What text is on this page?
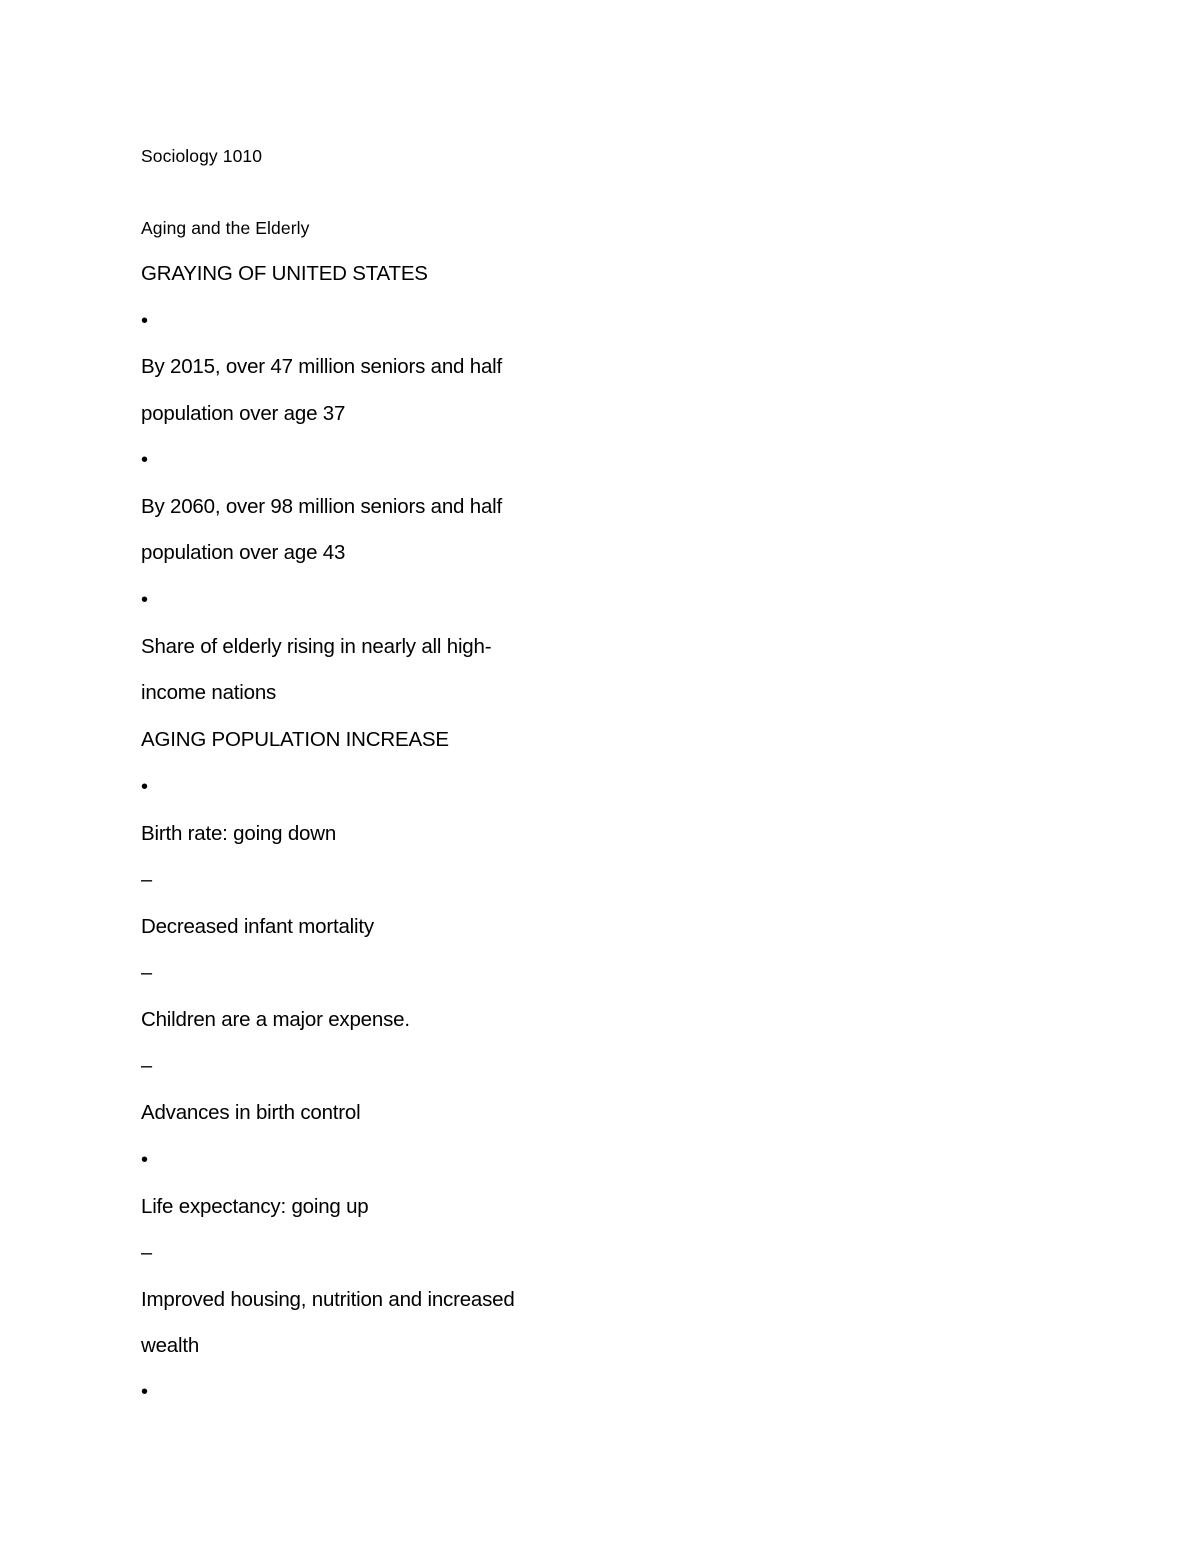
Sociology 1010
Aging and the Elderly
GRAYING OF UNITED STATES
•
By 2015, over 47 million seniors and half
population over age 37
•
By 2060, over 98 million seniors and half
population over age 43
•
Share of elderly rising in nearly all high-
income nations
AGING POPULATION INCREASE
•
Birth rate: going down
–
Decreased infant mortality
–
Children are a major expense.
–
Advances in birth control
•
Life expectancy: going up
–
Improved housing, nutrition and increased
wealth
•
